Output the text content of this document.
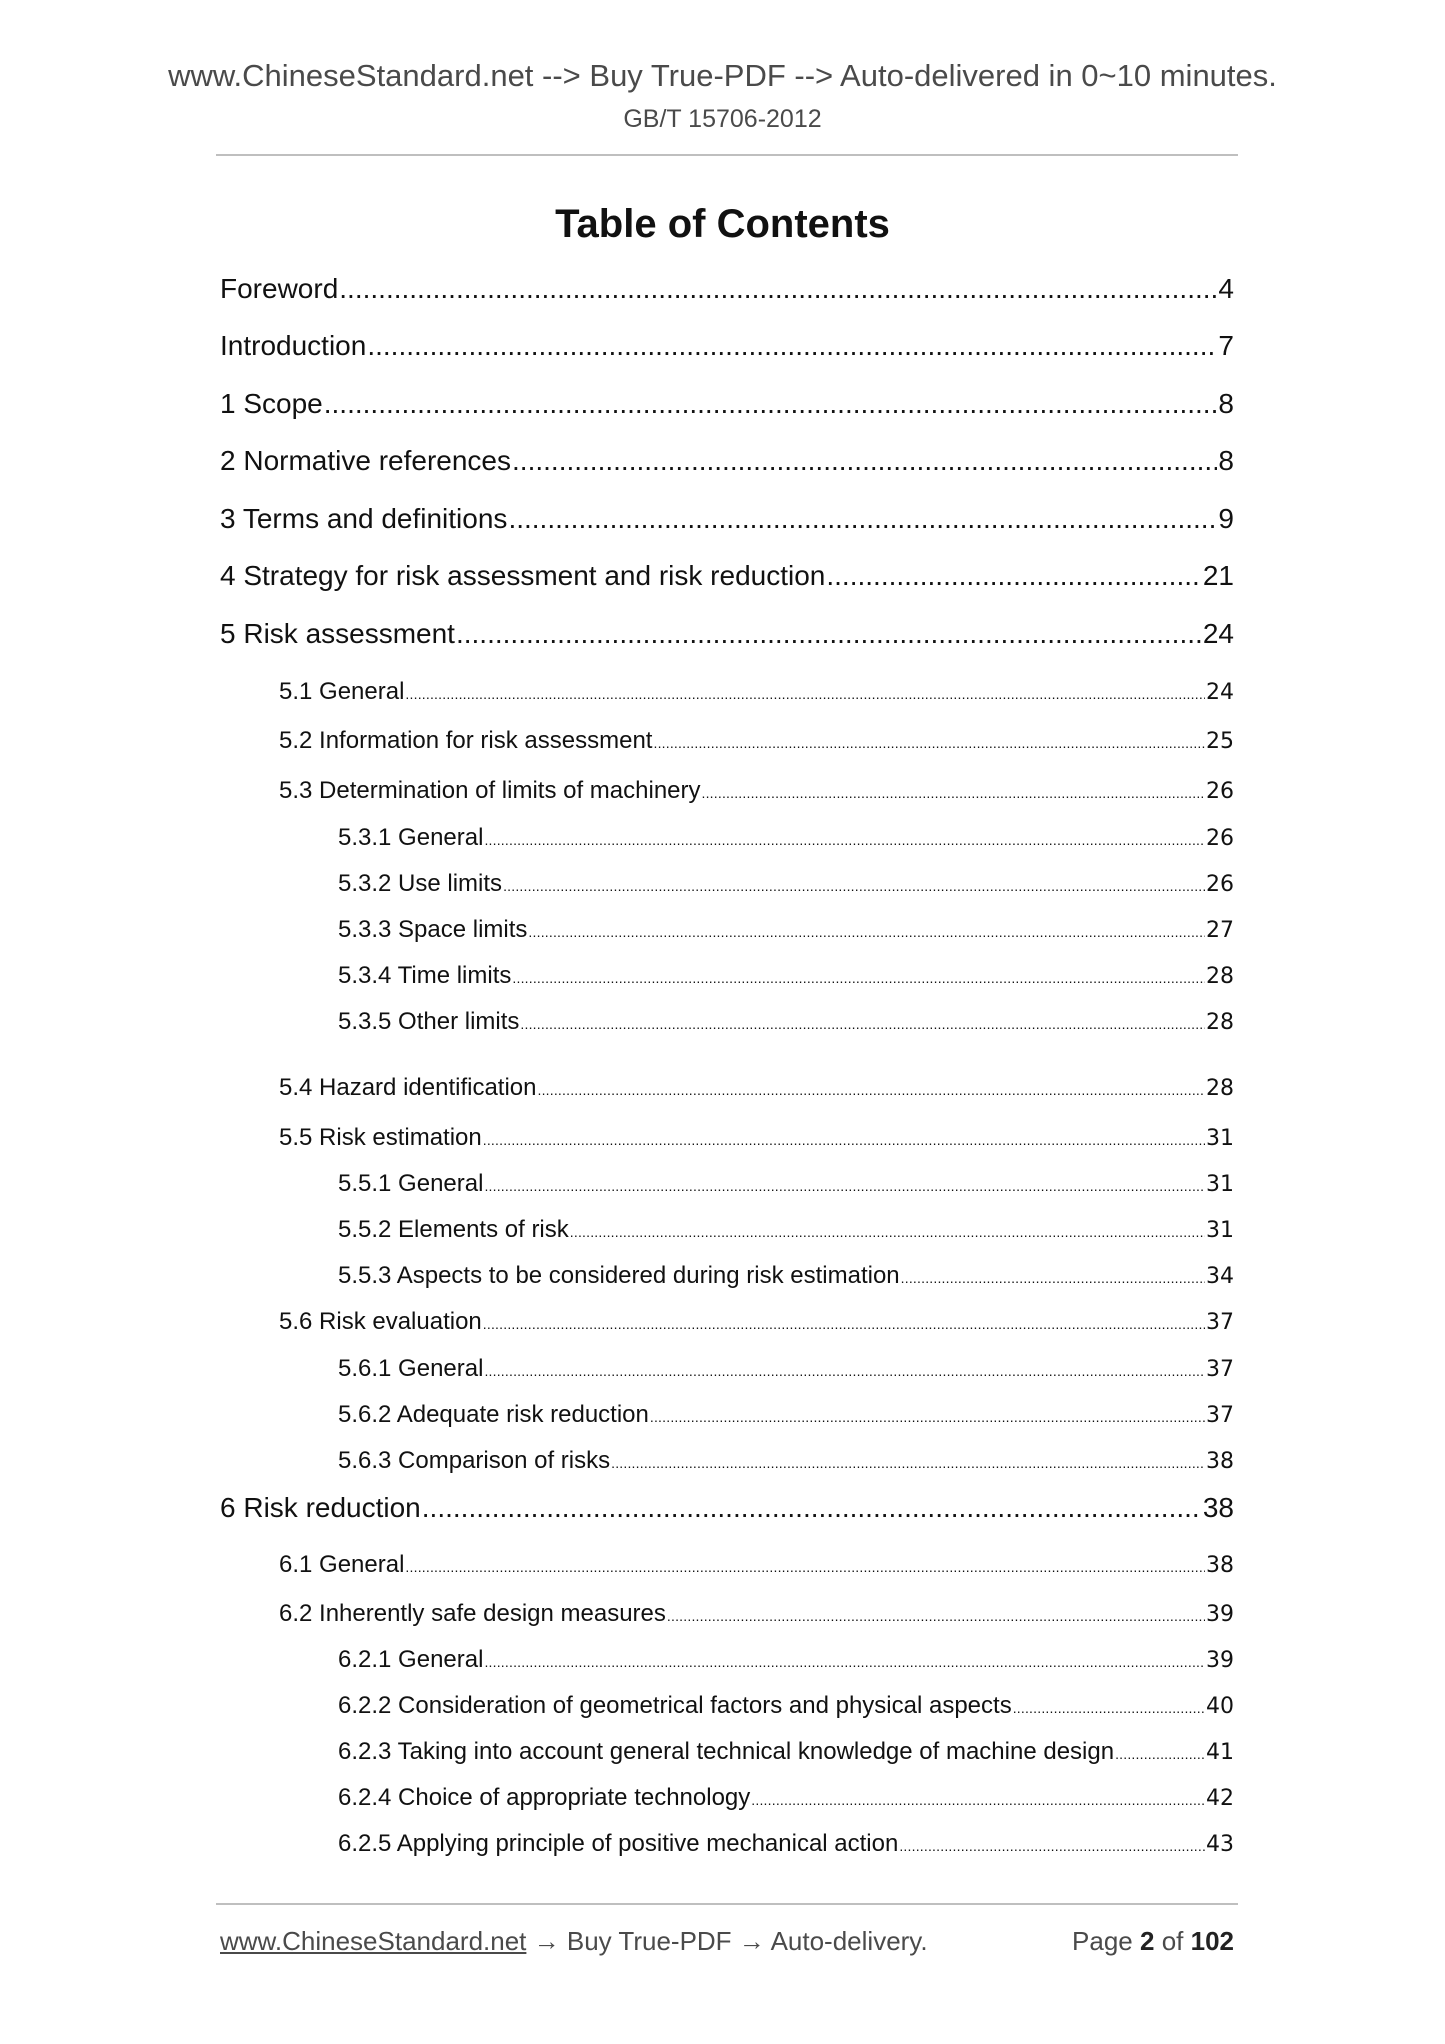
www.ChineseStandard.net --> Buy True-PDF --> Auto-delivered in 0~10 minutes.
GB/T 15706-2012
Table of Contents
Foreword .....	4
Introduction .....	7
1 Scope .....	8
2 Normative references .....	8
3 Terms and definitions .....	9
4 Strategy for risk assessment and risk reduction .....	21
5 Risk assessment .....	24
5.1 General .....	24
5.2 Information for risk assessment .....	25
5.3 Determination of limits of machinery .....	26
5.3.1 General .....	26
5.3.2 Use limits .....	26
5.3.3 Space limits .....	27
5.3.4 Time limits .....	28
5.3.5 Other limits .....	28
5.4 Hazard identification .....	28
5.5 Risk estimation .....	31
5.5.1 General .....	31
5.5.2 Elements of risk .....	31
5.5.3 Aspects to be considered during risk estimation .....	34
5.6 Risk evaluation .....	37
5.6.1 General .....	37
5.6.2 Adequate risk reduction .....	37
5.6.3 Comparison of risks .....	38
6 Risk reduction .....	38
6.1 General .....	38
6.2 Inherently safe design measures .....	39
6.2.1 General .....	39
6.2.2 Consideration of geometrical factors and physical aspects .....	40
6.2.3 Taking into account general technical knowledge of machine design .....	41
6.2.4 Choice of appropriate technology .....	42
6.2.5 Applying principle of positive mechanical action .....	43
www.ChineseStandard.net → Buy True-PDF → Auto-delivery.	Page 2 of 102
